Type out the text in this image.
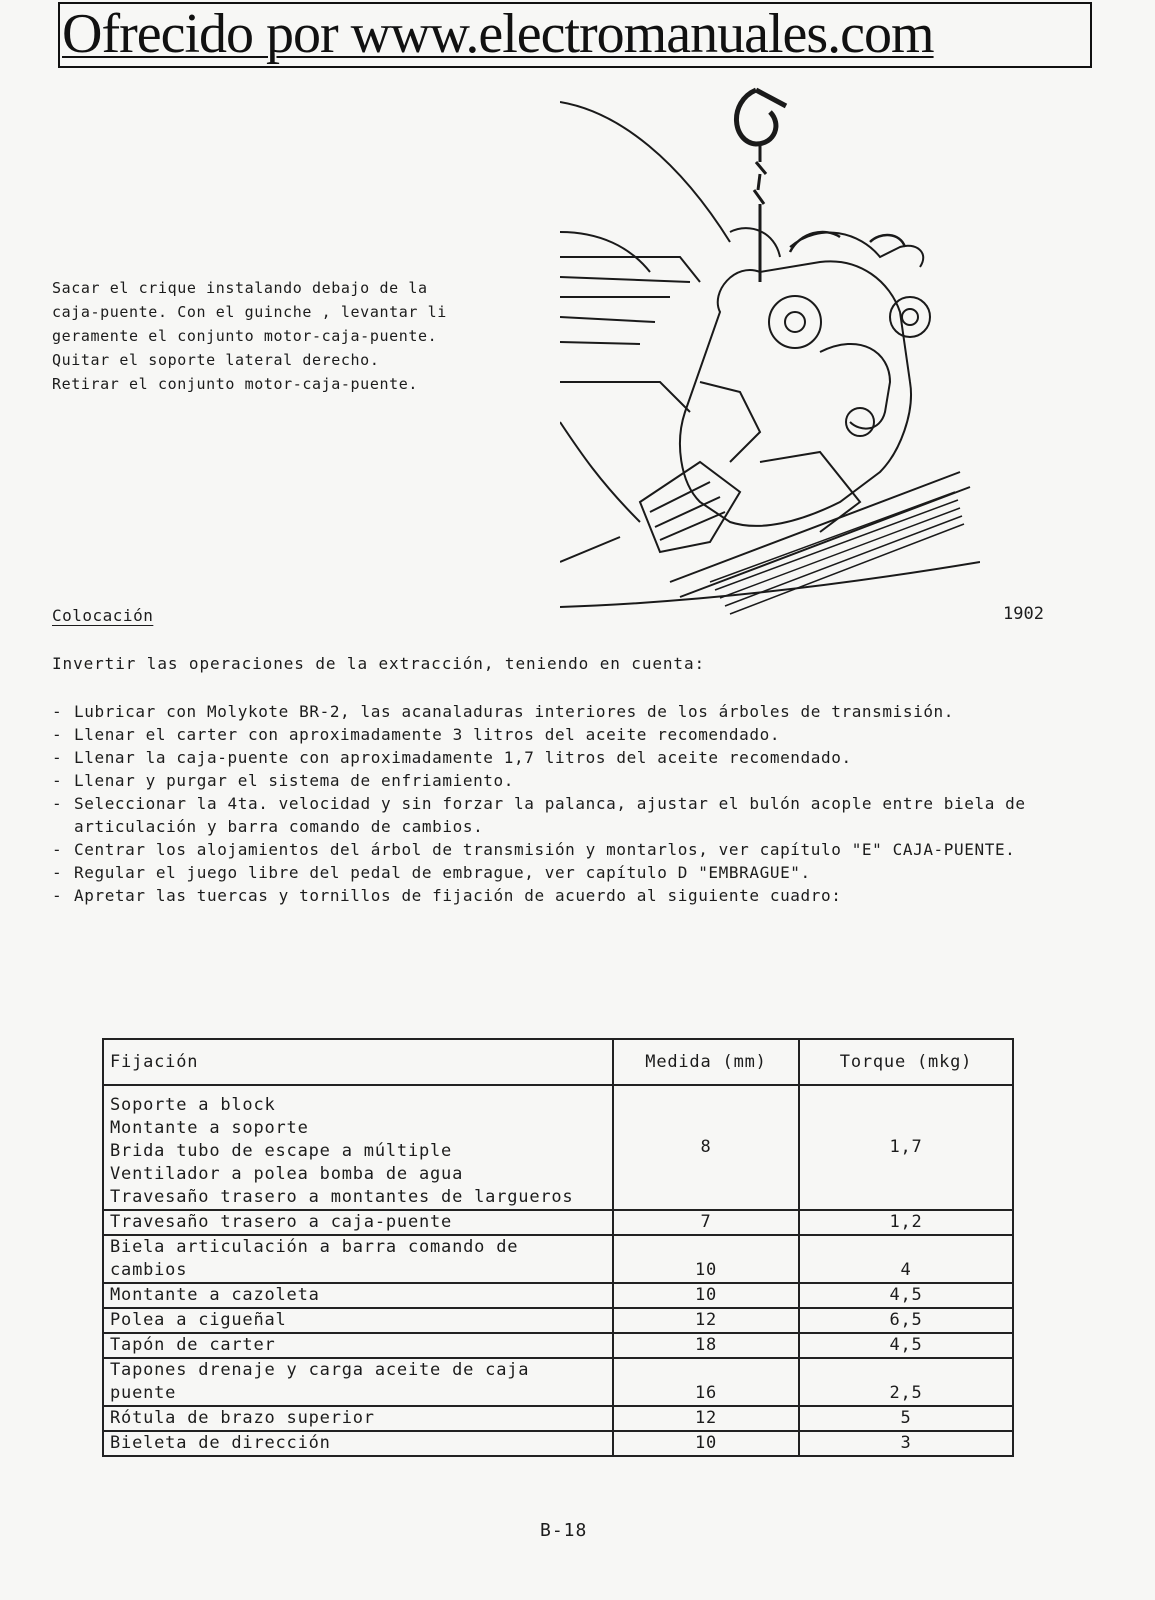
Ofrecido por www.electromanuales.com
Sacar el crique instalando debajo de la
caja-puente. Con el guinche , levantar li
geramente el conjunto motor-caja-puente.
Quitar el soporte lateral derecho.
Retirar el conjunto motor-caja-puente.
1902
Colocación
Invertir las operaciones de la extracción, teniendo en cuenta:
- Lubricar con Molykote BR-2, las acanaladuras interiores de los árboles de transmisión.
- Llenar el carter con aproximadamente 3 litros del aceite recomendado.
- Llenar la caja-puente con aproximadamente 1,7 litros del aceite recomendado.
- Llenar y purgar el sistema de enfriamiento.
- Seleccionar la 4ta. velocidad y sin forzar la palanca, ajustar el bulón acople entre biela de articulación y barra comando de cambios.
- Centrar los alojamientos del árbol de transmisión y montarlos, ver capítulo "E" CAJA-PUENTE.
- Regular el juego libre del pedal de embrague, ver capítulo D "EMBRAGUE".
- Apretar las tuercas y tornillos de fijación de acuerdo al siguiente cuadro:
Fijación	Medida (mm)	Torque (mkg)

Soporte a block
Montante a soporte
Brida tubo de escape a múltiple
Ventilador a polea bomba de agua
Travesaño trasero a montantes de largueros	8	1,7
Travesaño trasero a caja-puente	7	1,2
Biela articulación a barra comando de cambios	10	4
Montante a cazoleta	10	4,5
Polea a cigueñal	12	6,5
Tapón de carter	18	4,5
Tapones drenaje y carga aceite de caja puente	16	2,5
Rótula de brazo superior	12	5
Bieleta de dirección	10	3
B-18
